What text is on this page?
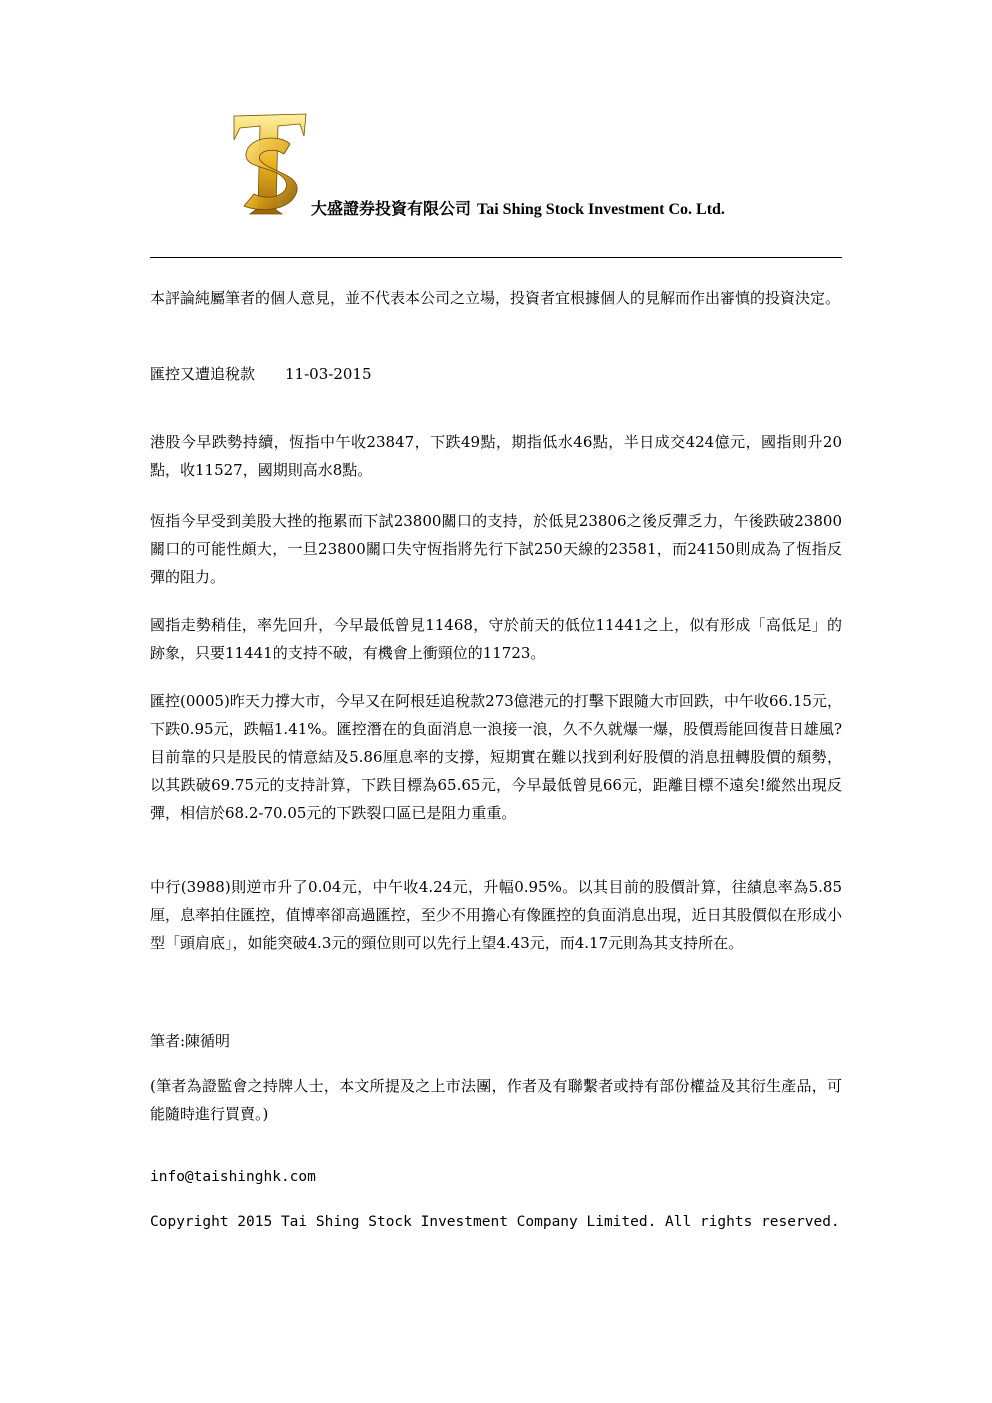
大盛證券投資有限公司 Tai Shing Stock Investment Co. Ltd.
本評論純屬筆者的個人意見，並不代表本公司之立場，投資者宜根據個人的見解而作出審慎的投資決定。
匯控又遭追稅款 11-03-2015
港股今早跌勢持續，恆指中午收23847，下跌49點，期指低水46點，半日成交424億元，國指則升20點，收11527，國期則高水8點。
恆指今早受到美股大挫的拖累而下試23800關口的支持，於低見23806之後反彈乏力，午後跌破23800關口的可能性頗大，一旦23800關口失守恆指將先行下試250天線的23581，而24150則成為了恆指反彈的阻力。
國指走勢稍佳，率先回升，今早最低曾見11468，守於前天的低位11441之上，似有形成「高低足」的跡象，只要11441的支持不破，有機會上衝頸位的11723。
匯控(0005)昨天力撐大市，今早又在阿根廷追稅款273億港元的打擊下跟隨大市回跌，中午收66.15元，下跌0.95元，跌幅1.41%。匯控潛在的負面消息一浪接一浪，久不久就爆一爆，股價焉能回復昔日雄風?目前靠的只是股民的情意結及5.86厘息率的支撐，短期實在難以找到利好股價的消息扭轉股價的頹勢，以其跌破69.75元的支持計算，下跌目標為65.65元，今早最低曾見66元，距離目標不遠矣!縱然出現反彈，相信於68.2-70.05元的下跌裂口區已是阻力重重。
中行(3988)則逆市升了0.04元，中午收4.24元，升幅0.95%。以其目前的股價計算，往績息率為5.85厘，息率拍住匯控，值博率卻高過匯控，至少不用擔心有像匯控的負面消息出現，近日其股價似在形成小型「頭肩底」，如能突破4.3元的頸位則可以先行上望4.43元，而4.17元則為其支持所在。
筆者:陳循明
(筆者為證監會之持牌人士，本文所提及之上市法團，作者及有聯繫者或持有部份權益及其衍生產品，可能隨時進行買賣。)
info@taishinghk.com
Copyright 2015 Tai Shing Stock Investment Company Limited. All rights reserved.
